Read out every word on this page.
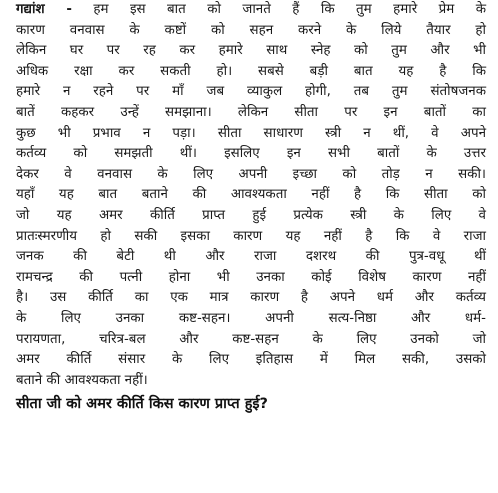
गद्यांश - हम इस बात को जानते हैं कि तुम हमारे प्रेम के
कारण वनवास के कष्टों को सहन करने के लिये तैयार हो
लेकिन घर पर रह कर हमारे साथ स्नेह को तुम और भी
अधिक रक्षा कर सकती हो। सबसे बड़ी बात यह है कि
हमारे न रहने पर माँ जब व्याकुल होगी, तब तुम संतोषजनक
बातें कहकर उन्हें समझाना। लेकिन सीता पर इन बातों का
कुछ भी प्रभाव न पड़ा। सीता साधारण स्त्री न थीं, वे अपने
कर्तव्य को समझती थीं। इसलिए इन सभी बातों के उत्तर
देकर वे वनवास के लिए अपनी इच्छा को तोड़ न सकी।
यहाँ यह बात बताने की आवश्यकता नहीं है कि सीता को
जो यह अमर कीर्ति प्राप्त हुई प्रत्येक स्त्री के लिए वे
प्रातःस्मरणीय हो सकी इसका कारण यह नहीं है कि वे राजा
जनक की बेटी थी और राजा दशरथ की पुत्र-वधू थीं
रामचन्द्र की पत्नी होना भी उनका कोई विशेष कारण नहीं
है। उस कीर्ति का एक मात्र कारण है अपने धर्म और कर्तव्य
के लिए उनका कष्ट-सहन। अपनी सत्य-निष्ठा और धर्म-
परायणता, चरित्र-बल और कष्ट-सहन के लिए उनको जो
अमर कीर्ति संसार के लिए इतिहास में मिल सकी, उसको
बताने की आवश्यकता नहीं।
सीता जी को अमर कीर्ति किस कारण प्राप्त हुई?
